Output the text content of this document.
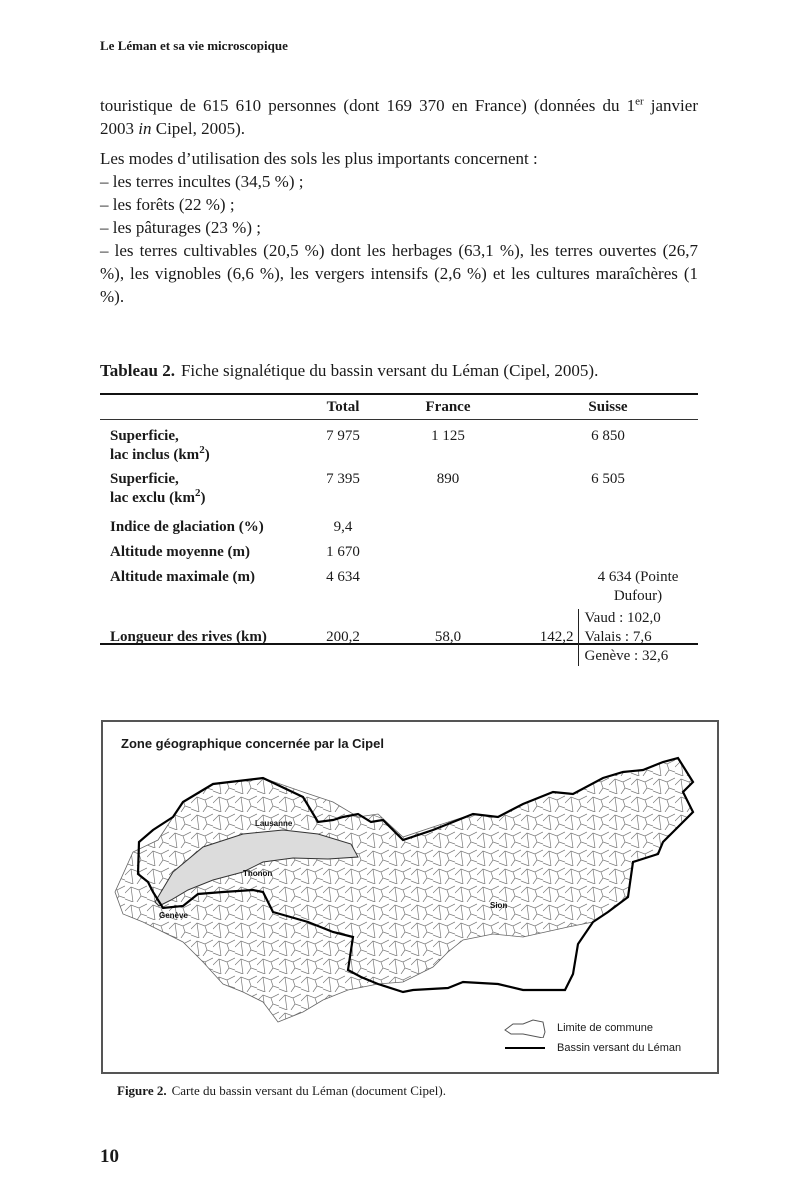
Le Léman et sa vie microscopique
touristique de 615 610 personnes (dont 169 370 en France) (données du 1er janvier 2003 in Cipel, 2005).
Les modes d’utilisation des sols les plus importants concernent :
– les terres incultes (34,5 %) ;
– les forêts (22 %) ;
– les pâturages (23 %) ;
– les terres cultivables (20,5 %) dont les herbages (63,1 %), les terres ouvertes (26,7 %), les vignobles (6,6 %), les vergers intensifs (2,6 %) et les cultures maraîchères (1 %).
Tableau 2. Fiche signalétique du bassin versant du Léman (Cipel, 2005).
	Total	France	Suisse
Superficie,
lac inclus $(km^2)$	7 975	1 125	6 850
Superficie,
lac exclu $(km^2)$	7 395	890	6 505
Indice de glaciation (%)	9,4		
Altitude moyenne (m)	1 670		
Altitude maximale (m)	4 634		4 634 (Pointe Dufour)
Longueur des rives (km)	200,2	58,0	142,2
Vaud : 102,0
Valais : 7,6
Genève : 32,6
Zone géographique concernée par la Cipel
Lausanne
Thonon
Genève
Sion
Limite de commune
Bassin versant du Léman
Figure 2. Carte du bassin versant du Léman (document Cipel).
10
